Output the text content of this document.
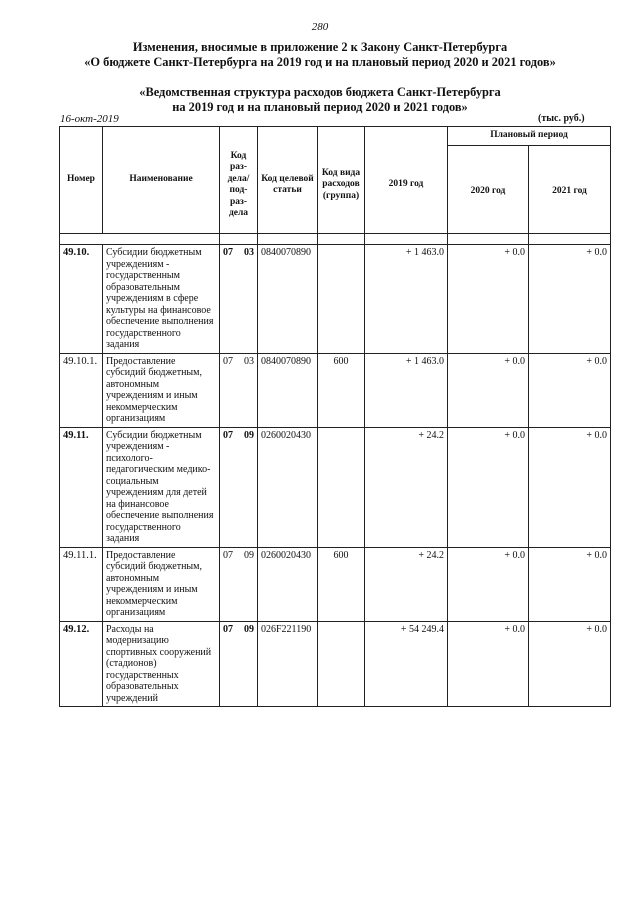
280
Изменения, вносимые в приложение 2 к Закону Санкт-Петербурга
«О бюджете Санкт-Петербурга на 2019 год и на плановый период 2020 и 2021 годов»
«Ведомственная структура расходов бюджета Санкт-Петербурга
на 2019 год и на плановый период 2020 и 2021 годов»
16-окт-2019	(тыс. руб.)
Номер	Наименование	Код раз- дела/ под- раз- дела		Код целевой статьи	Код вида расходов (группа)	2019 год	Плановый период	
							2020 год	2021 год

49.10.	Субсидии бюджетным учреждениям - государственным образовательным учреждениям в сфере культуры на финансовое обеспечение выполнения государственного задания	07	03	0840070890		+ 1 463.0	+ 0.0	+ 0.0
49.10.1.	Предоставление субсидий бюджетным, автономным учреждениям и иным некоммерческим организациям	07	03	0840070890	600	+ 1 463.0	+ 0.0	+ 0.0
49.11.	Субсидии бюджетным учреждениям - психолого-педагогическим медико-социальным учреждениям для детей на финансовое обеспечение выполнения государственного задания	07	09	0260020430		+ 24.2	+ 0.0	+ 0.0
49.11.1.	Предоставление субсидий бюджетным, автономным учреждениям и иным некоммерческим организациям	07	09	0260020430	600	+ 24.2	+ 0.0	+ 0.0
49.12.	Расходы на модернизацию спортивных сооружений (стадионов) государственных образовательных учреждений	07	09	026F221190		+ 54 249.4	+ 0.0	+ 0.0
